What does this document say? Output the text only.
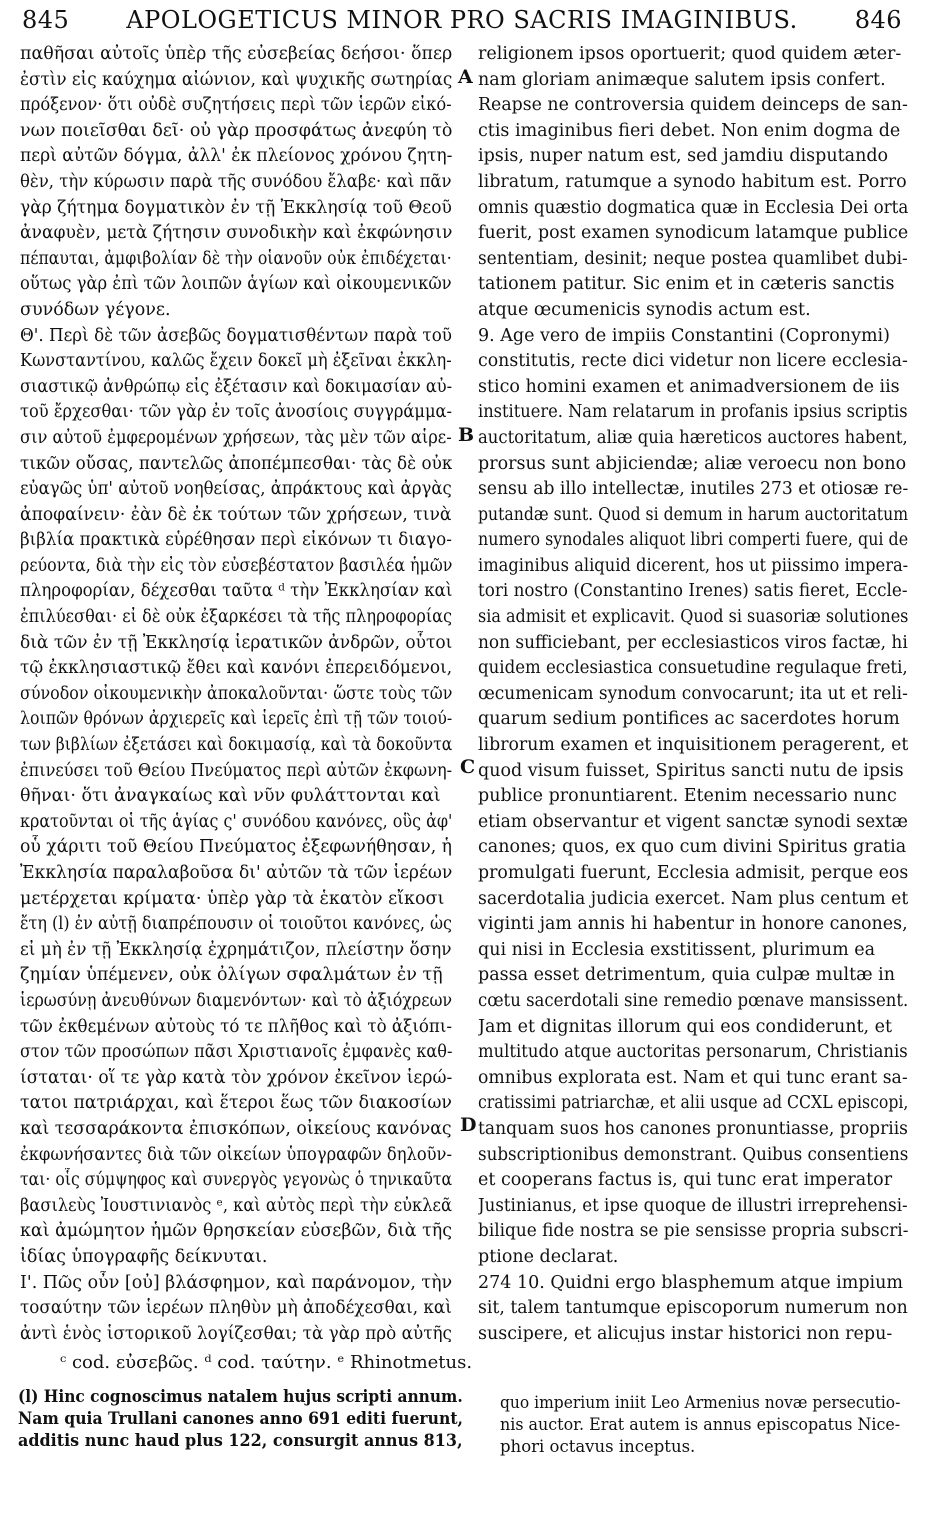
845	APOLOGETICUS MINOR PRO SACRIS IMAGINIBUS.	846
παθῆσαι αὐτοῖς ὑπὲρ τῆς εὐσεβείας δεήσοι· ὅπερ
ἐστὶν εἰς καύχημα αἰώνιον, καὶ ψυχικῆς σωτηρίας
πρόξενον· ὅτι οὐδὲ συζητήσεις περὶ τῶν ἱερῶν εἰκό-
νων ποιεῖσθαι δεῖ· οὐ γὰρ προσφάτως ἀνεφύη τὸ
περὶ αὐτῶν δόγμα, ἀλλ' ἐκ πλείονος χρόνου ζητη-
θὲν, τὴν κύρωσιν παρὰ τῆς συνόδου ἔλαβε· καὶ πᾶν
γὰρ ζήτημα δογματικὸν ἐν τῇ Ἐκκλησίᾳ τοῦ Θεοῦ
ἀναφυὲν, μετὰ ζήτησιν συνοδικὴν καὶ ἐκφώνησιν
πέπαυται, ἀμφιβολίαν δὲ τὴν οἱανοῦν οὐκ ἐπιδέχεται·
οὕτως γὰρ ἐπὶ τῶν λοιπῶν ἁγίων καὶ οἰκουμενικῶν
συνόδων γέγονε.
Θ'. Περὶ δὲ τῶν ἀσεβῶς δογματισθέντων παρὰ τοῦ
Κωνσταντίνου, καλῶς ἔχειν δοκεῖ μὴ ἐξεῖναι ἐκκλη-
σιαστικῷ ἀνθρώπῳ εἰς ἐξέτασιν καὶ δοκιμασίαν αὐ-
τοῦ ἔρχεσθαι· τῶν γὰρ ἐν τοῖς ἀνοσίοις συγγράμμα-
σιν αὐτοῦ ἐμφερομένων χρήσεων, τὰς μὲν τῶν αἱρε-
τικῶν οὔσας, παντελῶς ἀποπέμπεσθαι· τὰς δὲ οὐκ
εὐαγῶς ὑπ' αὐτοῦ νοηθείσας, ἀπράκτους καὶ ἀργὰς
ἀποφαίνειν· ἐὰν δὲ ἐκ τούτων τῶν χρήσεων, τινὰ
βιβλία πρακτικὰ εὑρέθησαν περὶ εἰκόνων τι διαγο-
ρεύοντα, διὰ τὴν εἰς τὸν εὐσεβέστατον βασιλέα ἡμῶν
πληροφορίαν, δέχεσθαι ταῦτα ᵈ τὴν Ἐκκλησίαν καὶ
ἐπιλύεσθαι· εἰ δὲ οὐκ ἐξαρκέσει τὰ τῆς πληροφορίας
διὰ τῶν ἐν τῇ Ἐκκλησίᾳ ἱερατικῶν ἀνδρῶν, οὗτοι
τῷ ἐκκλησιαστικῷ ἔθει καὶ κανόνι ἐπερειδόμενοι,
σύνοδον οἰκουμενικὴν ἀποκαλοῦνται· ὥστε τοὺς τῶν
λοιπῶν θρόνων ἀρχιερεῖς καὶ ἱερεῖς ἐπὶ τῇ τῶν τοιού-
των βιβλίων ἐξετάσει καὶ δοκιμασίᾳ, καὶ τὰ δοκοῦντα
ἐπινεύσει τοῦ Θείου Πνεύματος περὶ αὐτῶν ἐκφωνη-
θῆναι· ὅτι ἀναγκαίως καὶ νῦν φυλάττονται καὶ
κρατοῦνται οἱ τῆς ἁγίας ς' συνόδου κανόνες, οὓς ἀφ'
οὗ χάριτι τοῦ Θείου Πνεύματος ἐξεφωνήθησαν, ἡ
Ἐκκλησία παραλαβοῦσα δι' αὐτῶν τὰ τῶν ἱερέων
μετέρχεται κρίματα· ὑπὲρ γὰρ τὰ ἑκατὸν εἴκοσι
ἔτη (l) ἐν αὐτῇ διαπρέπουσιν οἱ τοιοῦτοι κανόνες, ὡς
εἰ μὴ ἐν τῇ Ἐκκλησίᾳ ἐχρημάτιζον, πλείστην ὅσην
ζημίαν ὑπέμενεν, οὐκ ὀλίγων σφαλμάτων ἐν τῇ
ἱερωσύνῃ ἀνευθύνων διαμενόντων· καὶ τὸ ἀξιόχρεων
τῶν ἐκθεμένων αὐτοὺς τό τε πλῆθος καὶ τὸ ἀξιόπι-
στον τῶν προσώπων πᾶσι Χριστιανοῖς ἐμφανὲς καθ-
ίσταται· οἵ τε γὰρ κατὰ τὸν χρόνον ἐκεῖνον ἱερώ-
τατοι πατριάρχαι, καὶ ἕτεροι ἕως τῶν διακοσίων
καὶ τεσσαράκοντα ἐπισκόπων, οἰκείους κανόνας
ἐκφωνήσαντες διὰ τῶν οἰκείων ὑπογραφῶν δηλοῦν-
ται· οἷς σύμψηφος καὶ συνεργὸς γεγονὼς ὁ τηνικαῦτα
βασιλεὺς Ἰουστινιανὸς ᵉ, καὶ αὐτὸς περὶ τὴν εὐκλεᾶ
καὶ ἀμώμητον ἡμῶν θρησκείαν εὐσεβῶν, διὰ τῆς
ἰδίας ὑπογραφῆς δείκνυται.
Ι'. Πῶς οὖν [οὐ] βλάσφημον, καὶ παράνομον, τὴν
τοσαύτην τῶν ἱερέων πληθὺν μὴ ἀποδέχεσθαι, καὶ
ἀντὶ ἑνὸς ἱστορικοῦ λογίζεσθαι; τὰ γὰρ πρὸ αὐτῆς
religionem ipsos oportuerit; quod quidem æter-
nam gloriam animæque salutem ipsis confert.
Reapse ne controversia quidem deinceps de san-
ctis imaginibus fieri debet. Non enim dogma de
ipsis, nuper natum est, sed jamdiu disputando
libratum, ratumque a synodo habitum est. Porro
omnis quæstio dogmatica quæ in Ecclesia Dei orta
fuerit, post examen synodicum latamque publice
sententiam, desinit; neque postea quamlibet dubi-
tationem patitur. Sic enim et in cæteris sanctis
atque œcumenicis synodis actum est.
9. Age vero de impiis Constantini (Copronymi)
constitutis, recte dici videtur non licere ecclesia-
stico homini examen et animadversionem de iis
instituere. Nam relatarum in profanis ipsius scriptis
auctoritatum, aliæ quia hæreticos auctores habent,
prorsus sunt abjiciendæ; aliæ veroecu non bono
sensu ab illo intellectæ, inutiles 273 et otiosæ re-
putandæ sunt. Quod si demum in harum auctoritatum
numero synodales aliquot libri comperti fuere, qui de
imaginibus aliquid dicerent, hos ut piissimo impera-
tori nostro (Constantino Irenes) satis fieret, Eccle-
sia admisit et explicavit. Quod si suasoriæ solutiones
non sufficiebant, per ecclesiasticos viros factæ, hi
quidem ecclesiastica consuetudine regulaque freti,
œcumenicam synodum convocarunt; ita ut et reli-
quarum sedium pontifices ac sacerdotes horum
librorum examen et inquisitionem peragerent, et
quod visum fuisset, Spiritus sancti nutu de ipsis
publice pronuntiarent. Etenim necessario nunc
etiam observantur et vigent sanctæ synodi sextæ
canones; quos, ex quo cum divini Spiritus gratia
promulgati fuerunt, Ecclesia admisit, perque eos
sacerdotalia judicia exercet. Nam plus centum et
viginti jam annis hi habentur in honore canones,
qui nisi in Ecclesia exstitissent, plurimum ea
passa esset detrimentum, quia culpæ multæ in
cœtu sacerdotali sine remedio pœnave mansissent.
Jam et dignitas illorum qui eos condiderunt, et
multitudo atque auctoritas personarum, Christianis
omnibus explorata est. Nam et qui tunc erant sa-
cratissimi patriarchæ, et alii usque ad CCXL episcopi,
tanquam suos hos canones pronuntiasse, propriis
subscriptionibus demonstrant. Quibus consentiens
et cooperans factus is, qui tunc erat imperator
Justinianus, et ipse quoque de illustri irreprehensi-
bilique fide nostra se pie sensisse propria subscri-
ptione declarat.
274 10. Quidni ergo blasphemum atque impium
sit, talem tantumque episcoporum numerum non
suscipere, et alicujus instar historici non repu-
A
B
C
D
ᶜ cod. εὐσεβῶς. ᵈ cod. ταύτην. ᵉ Rhinotmetus.
(l) Hinc cognoscimus natalem hujus scripti annum.
Nam quia Trullani canones anno 691 editi fuerunt,
additis nunc haud plus 122, consurgit annus 813,
quo imperium iniit Leo Armenius novæ persecutio-
nis auctor. Erat autem is annus episcopatus Nice-
phori octavus inceptus.
